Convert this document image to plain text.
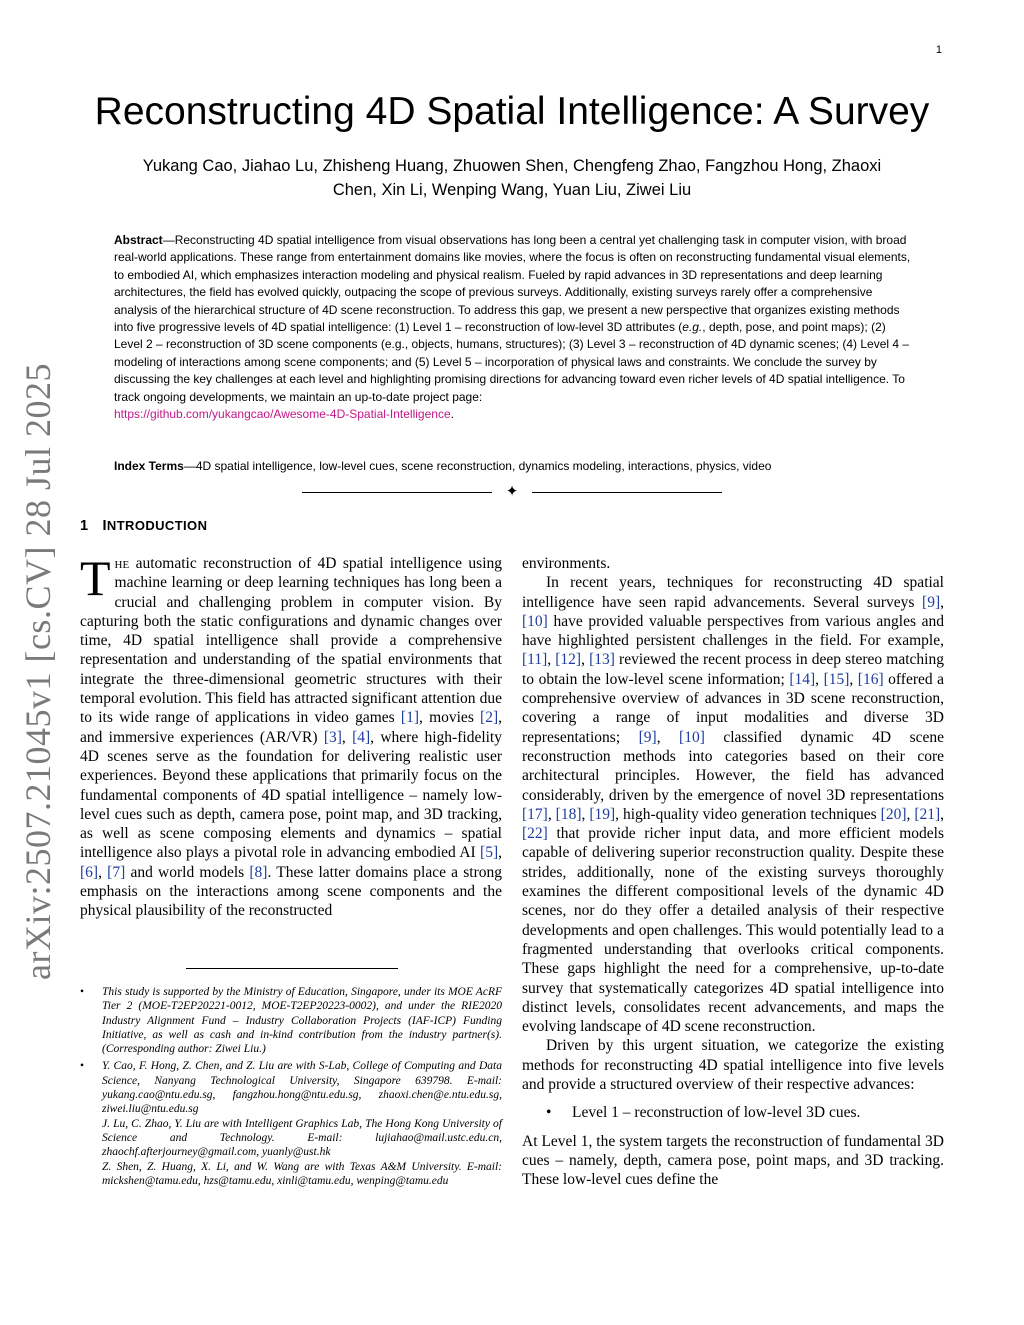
1
arXiv:2507.21045v1 [cs.CV] 28 Jul 2025
Reconstructing 4D Spatial Intelligence: A Survey
Yukang Cao, Jiahao Lu, Zhisheng Huang, Zhuowen Shen, Chengfeng Zhao, Fangzhou Hong, Zhaoxi
Chen, Xin Li, Wenping Wang, Yuan Liu, Ziwei Liu
Abstract—Reconstructing 4D spatial intelligence from visual observations has long been a central yet challenging task in computer vision, with broad real-world applications. These range from entertainment domains like movies, where the focus is often on reconstructing fundamental visual elements, to embodied AI, which emphasizes interaction modeling and physical realism. Fueled by rapid advances in 3D representations and deep learning architectures, the field has evolved quickly, outpacing the scope of previous surveys. Additionally, existing surveys rarely offer a comprehensive analysis of the hierarchical structure of 4D scene reconstruction. To address this gap, we present a new perspective that organizes existing methods into five progressive levels of 4D spatial intelligence: (1) Level 1 – reconstruction of low-level 3D attributes (e.g., depth, pose, and point maps); (2) Level 2 – reconstruction of 3D scene components (e.g., objects, humans, structures); (3) Level 3 – reconstruction of 4D dynamic scenes; (4) Level 4 – modeling of interactions among scene components; and (5) Level 5 – incorporation of physical laws and constraints. We conclude the survey by discussing the key challenges at each level and highlighting promising directions for advancing toward even richer levels of 4D spatial intelligence. To track ongoing developments, we maintain an up-to-date project page:
https://github.com/yukangcao/Awesome-4D-Spatial-Intelligence.
Index Terms—4D spatial intelligence, low-level cues, scene reconstruction, dynamics modeling, interactions, physics, video
✦
1 INTRODUCTION

The automatic reconstruction of 4D spatial intelligence using machine learning or deep learning techniques has long been a crucial and challenging problem in computer vision. By capturing both the static configurations and dynamic changes over time, 4D spatial intelligence shall provide a comprehensive representation and understanding of the spatial environments that integrate the three-dimensional geometric structures with their temporal evolution. This field has attracted significant attention due to its wide range of applications in video games [1], movies [2], and immersive experiences (AR/VR) [3], [4], where high-fidelity 4D scenes serve as the foundation for delivering realistic user experiences. Beyond these applications that primarily focus on the fundamental components of 4D spatial intelligence – namely low-level cues such as depth, camera pose, point map, and 3D tracking, as well as scene composing elements and dynamics – spatial intelligence also plays a pivotal role in advancing embodied AI [5], [6], [7] and world models [8]. These latter domains place a strong emphasis on the interactions among scene components and the physical plausibility of the reconstructed

environments.

In recent years, techniques for reconstructing 4D spatial intelligence have seen rapid advancements. Several surveys [9], [10] have provided valuable perspectives from various angles and have highlighted persistent challenges in the field. For example, [11], [12], [13] reviewed the recent process in deep stereo matching to obtain the low-level scene information; [14], [15], [16] offered a comprehensive overview of advances in 3D scene reconstruction, covering a range of input modalities and diverse 3D representations; [9], [10] classified dynamic 4D scene reconstruction methods into categories based on their core architectural principles. However, the field has advanced considerably, driven by the emergence of novel 3D representations [17], [18], [19], high-quality video generation techniques [20], [21], [22] that provide richer input data, and more efficient models capable of delivering superior reconstruction quality. Despite these strides, additionally, none of the existing surveys thoroughly examines the different compositional levels of the dynamic 4D scenes, nor do they offer a detailed analysis of their respective developments and open challenges. This would potentially lead to a fragmented understanding that overlooks critical components. These gaps highlight the need for a comprehensive, up-to-date survey that systematically categorizes 4D spatial intelligence into distinct levels, consolidates recent advancements, and maps the evolving landscape of 4D scene reconstruction.

Driven by this urgent situation, we categorize the existing methods for reconstructing 4D spatial intelligence into five levels and provide a structured overview of their respective advances:

• Level 1 – reconstruction of low-level 3D cues.

At Level 1, the system targets the reconstruction of fundamental 3D cues – namely, depth, camera pose, point maps, and 3D tracking. These low-level cues define the

• This study is supported by the Ministry of Education, Singapore, under its MOE AcRF Tier 2 (MOE-T2EP20221-0012, MOE-T2EP20223-0002), and under the RIE2020 Industry Alignment Fund – Industry Collaboration Projects (IAF-ICP) Funding Initiative, as well as cash and in-kind contribution from the industry partner(s). (Corresponding author: Ziwei Liu.)

• Y. Cao, F. Hong, Z. Chen, and Z. Liu are with S-Lab, College of Computing and Data Science, Nanyang Technological University, Singapore 639798. E-mail: yukang.cao@ntu.edu.sg, fangzhou.hong@ntu.edu.sg, zhaoxi.chen@e.ntu.edu.sg, ziwei.liu@ntu.edu.sg

J. Lu, C. Zhao, Y. Liu are with Intelligent Graphics Lab, The Hong Kong University of Science and Technology. E-mail: lujiahao@mail.ustc.edu.cn, zhaochf.afterjourney@gmail.com, yuanly@ust.hk

Z. Shen, Z. Huang, X. Li, and W. Wang are with Texas A&M University. E-mail: mickshen@tamu.edu, hzs@tamu.edu, xinli@tamu.edu, wenping@tamu.edu
